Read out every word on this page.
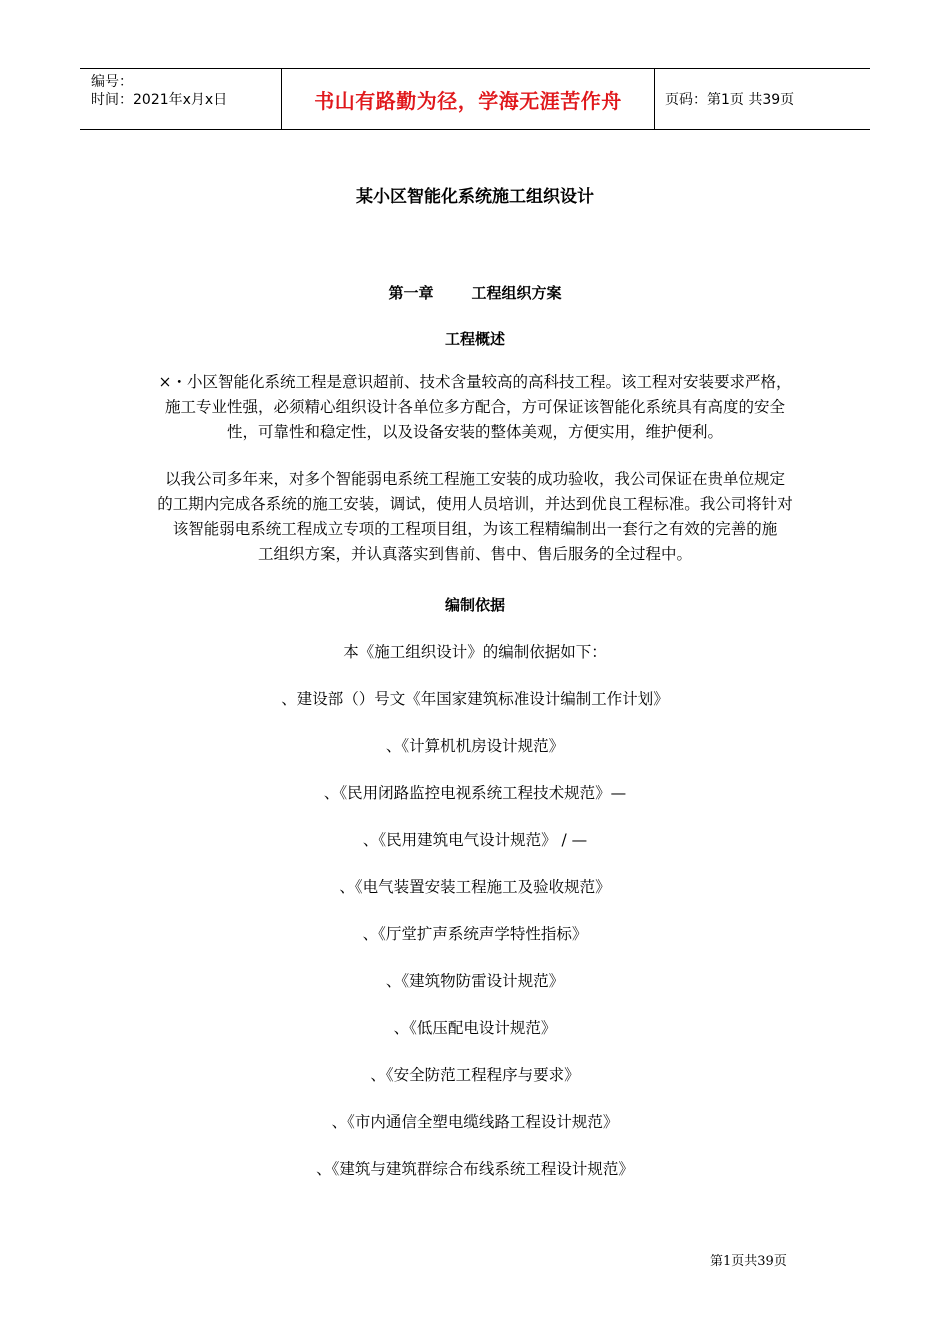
编号：
时间：2021年x月x日	书山有路勤为径，学海无涯苦作舟	页码：第1页 共39页
某小区智能化系统施工组织设计
第一章	工程组织方案
工程概述
×・小区智能化系统工程是意识超前、技术含量较高的高科技工程。该工程对安装要求严格，
施工专业性强，必须精心组织设计各单位多方配合，方可保证该智能化系统具有高度的安全
性，可靠性和稳定性，以及设备安装的整体美观，方便实用，维护便利。
以我公司多年来，对多个智能弱电系统工程施工安装的成功验收，我公司保证在贵单位规定
的工期内完成各系统的施工安装，调试，使用人员培训，并达到优良工程标准。我公司将针对
该智能弱电系统工程成立专项的工程项目组，为该工程精编制出一套行之有效的完善的施
工组织方案，并认真落实到售前、售中、售后服务的全过程中。
编制依据
本《施工组织设计》的编制依据如下：
、建设部（）号文《年国家建筑标准设计编制工作计划》
、《计算机机房设计规范》
、《民用闭路监控电视系统工程技术规范》—
、《民用建筑电气设计规范》 / —
、《电气装置安装工程施工及验收规范》
、《厅堂扩声系统声学特性指标》
、《建筑物防雷设计规范》
、《低压配电设计规范》
、《安全防范工程程序与要求》
、《市内通信全塑电缆线路工程设计规范》
、《建筑与建筑群综合布线系统工程设计规范》
第1页共39页
